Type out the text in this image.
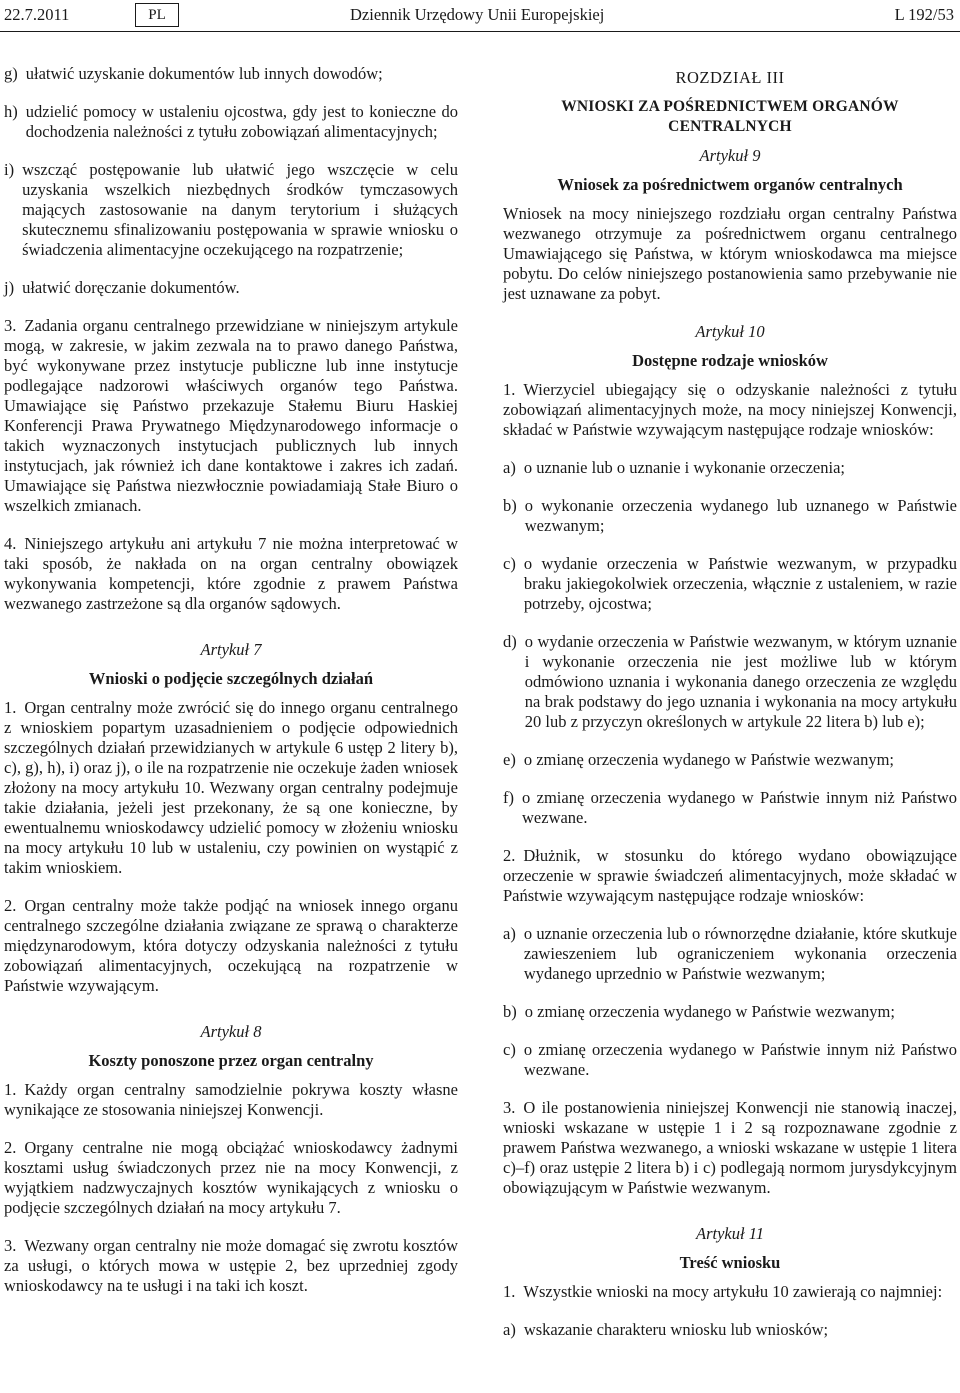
22.7.2011	PL	Dziennik Urzędowy Unii Europejskiej	L 192/53
g) ułatwić uzyskanie dokumentów lub innych dowodów;
h) udzielić pomocy w ustaleniu ojcostwa, gdy jest to konieczne do dochodzenia należności z tytułu zobowiązań alimentacyjnych;
i) wszcząć postępowanie lub ułatwić jego wszczęcie w celu uzyskania wszelkich niezbędnych środków tymczasowych mających zastosowanie na danym terytorium i służących skutecznemu sfinalizowaniu postępowania w sprawie wniosku o świadczenia alimentacyjne oczekującego na rozpatrzenie;
j) ułatwić doręczanie dokumentów.

3. Zadania organu centralnego przewidziane w niniejszym artykule mogą, w zakresie, w jakim zezwala na to prawo danego Państwa, być wykonywane przez instytucje publiczne lub inne instytucje podlegające nadzorowi właściwych organów tego Państwa. Umawiające się Państwo przekazuje Stałemu Biuru Haskiej Konferencji Prawa Prywatnego Międzynarodowego informacje o takich wyznaczonych instytucjach publicznych lub innych instytucjach, jak również ich dane kontaktowe i zakres ich zadań. Umawiające się Państwa niezwłocznie powiadamiają Stałe Biuro o wszelkich zmianach.

4. Niniejszego artykułu ani artykułu 7 nie można interpretować w taki sposób, że nakłada on na organ centralny obowiązek wykonywania kompetencji, które zgodnie z prawem Państwa wezwanego zastrzeżone są dla organów sądowych.

Artykuł 7

Wnioski o podjęcie szczególnych działań

1. Organ centralny może zwrócić się do innego organu centralnego z wnioskiem popartym uzasadnieniem o podjęcie odpowiednich szczególnych działań przewidzianych w artykule 6 ustęp 2 litery b), c), g), h), i) oraz j), o ile na rozpatrzenie nie oczekuje żaden wniosek złożony na mocy artykułu 10. Wezwany organ centralny podejmuje takie działania, jeżeli jest przekonany, że są one konieczne, by ewentualnemu wnioskodawcy udzielić pomocy w złożeniu wniosku na mocy artykułu 10 lub w ustaleniu, czy powinien on wystąpić z takim wnioskiem.

2. Organ centralny może także podjąć na wniosek innego organu centralnego szczególne działania związane ze sprawą o charakterze międzynarodowym, która dotyczy odzyskania należności z tytułu zobowiązań alimentacyjnych, oczekującą na rozpatrzenie w Państwie wzywającym.

Artykuł 8

Koszty ponoszone przez organ centralny

1. Każdy organ centralny samodzielnie pokrywa koszty własne wynikające ze stosowania niniejszej Konwencji.

2. Organy centralne nie mogą obciążać wnioskodawcy żadnymi kosztami usług świadczonych przez nie na mocy Konwencji, z wyjątkiem nadzwyczajnych kosztów wynikających z wniosku o podjęcie szczególnych działań na mocy artykułu 7.

3. Wezwany organ centralny nie może domagać się zwrotu kosztów za usługi, o których mowa w ustępie 2, bez uprzedniej zgody wnioskodawcy na te usługi i na taki ich koszt.

ROZDZIAŁ III

WNIOSKI ZA POŚREDNICTWEM ORGANÓW CENTRALNYCH

Artykuł 9

Wniosek za pośrednictwem organów centralnych

Wniosek na mocy niniejszego rozdziału organ centralny Państwa wezwanego otrzymuje za pośrednictwem organu centralnego Umawiającego się Państwa, w którym wnioskodawca ma miejsce pobytu. Do celów niniejszego postanowienia samo przebywanie nie jest uznawane za pobyt.

Artykuł 10

Dostępne rodzaje wniosków

1. Wierzyciel ubiegający się o odzyskanie należności z tytułu zobowiązań alimentacyjnych może, na mocy niniejszej Konwencji, składać w Państwie wzywającym następujące rodzaje wniosków:

a) o uznanie lub o uznanie i wykonanie orzeczenia;
b) o wykonanie orzeczenia wydanego lub uznanego w Państwie wezwanym;
c) o wydanie orzeczenia w Państwie wezwanym, w przypadku braku jakiegokolwiek orzeczenia, włącznie z ustaleniem, w razie potrzeby, ojcostwa;
d) o wydanie orzeczenia w Państwie wezwanym, w którym uznanie i wykonanie orzeczenia nie jest możliwe lub w którym odmówiono uznania i wykonania danego orzeczenia ze względu na brak podstawy do jego uznania i wykonania na mocy artykułu 20 lub z przyczyn określonych w artykule 22 litera b) lub e);
e) o zmianę orzeczenia wydanego w Państwie wezwanym;
f) o zmianę orzeczenia wydanego w Państwie innym niż Państwo wezwane.

2. Dłużnik, w stosunku do którego wydano obowiązujące orzeczenie w sprawie świadczeń alimentacyjnych, może składać w Państwie wzywającym następujące rodzaje wniosków:

a) o uznanie orzeczenia lub o równorzędne działanie, które skutkuje zawieszeniem lub ograniczeniem wykonania orzeczenia wydanego uprzednio w Państwie wezwanym;
b) o zmianę orzeczenia wydanego w Państwie wezwanym;
c) o zmianę orzeczenia wydanego w Państwie innym niż Państwo wezwane.

3. O ile postanowienia niniejszej Konwencji nie stanowią inaczej, wnioski wskazane w ustępie 1 i 2 są rozpoznawane zgodnie z prawem Państwa wezwanego, a wnioski wskazane w ustępie 1 litera c)–f) oraz ustępie 2 litera b) i c) podlegają normom jurysdykcyjnym obowiązującym w Państwie wezwanym.

Artykuł 11

Treść wniosku

1. Wszystkie wnioski na mocy artykułu 10 zawierają co najmniej:

a) wskazanie charakteru wniosku lub wniosków;
